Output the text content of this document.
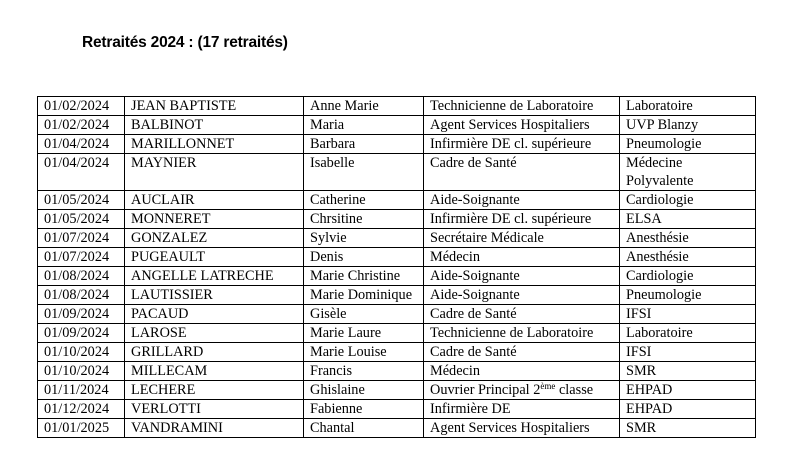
Retraités 2024 : (17 retraités)
01/02/2024	JEAN BAPTISTE	Anne Marie	Technicienne de Laboratoire	Laboratoire
01/02/2024	BALBINOT	Maria	Agent Services Hospitaliers	UVP Blanzy
01/04/2024	MARILLONNET	Barbara	Infirmière DE cl. supérieure	Pneumologie
01/04/2024	MAYNIER	Isabelle	Cadre de Santé	Médecine Polyvalente
01/05/2024	AUCLAIR	Catherine	Aide-Soignante	Cardiologie
01/05/2024	MONNERET	Chrsitine	Infirmière DE cl. supérieure	ELSA
01/07/2024	GONZALEZ	Sylvie	Secrétaire Médicale	Anesthésie
01/07/2024	PUGEAULT	Denis	Médecin	Anesthésie
01/08/2024	ANGELLE LATRECHE	Marie Christine	Aide-Soignante	Cardiologie
01/08/2024	LAUTISSIER	Marie Dominique	Aide-Soignante	Pneumologie
01/09/2024	PACAUD	Gisèle	Cadre de Santé	IFSI
01/09/2024	LAROSE	Marie Laure	Technicienne de Laboratoire	Laboratoire
01/10/2024	GRILLARD	Marie Louise	Cadre de Santé	IFSI
01/10/2024	MILLECAM	Francis	Médecin	SMR
01/11/2024	LECHERE	Ghislaine	Ouvrier Principal 2ème classe	EHPAD
01/12/2024	VERLOTTI	Fabienne	Infirmière DE	EHPAD
01/01/2025	VANDRAMINI	Chantal	Agent Services Hospitaliers	SMR
